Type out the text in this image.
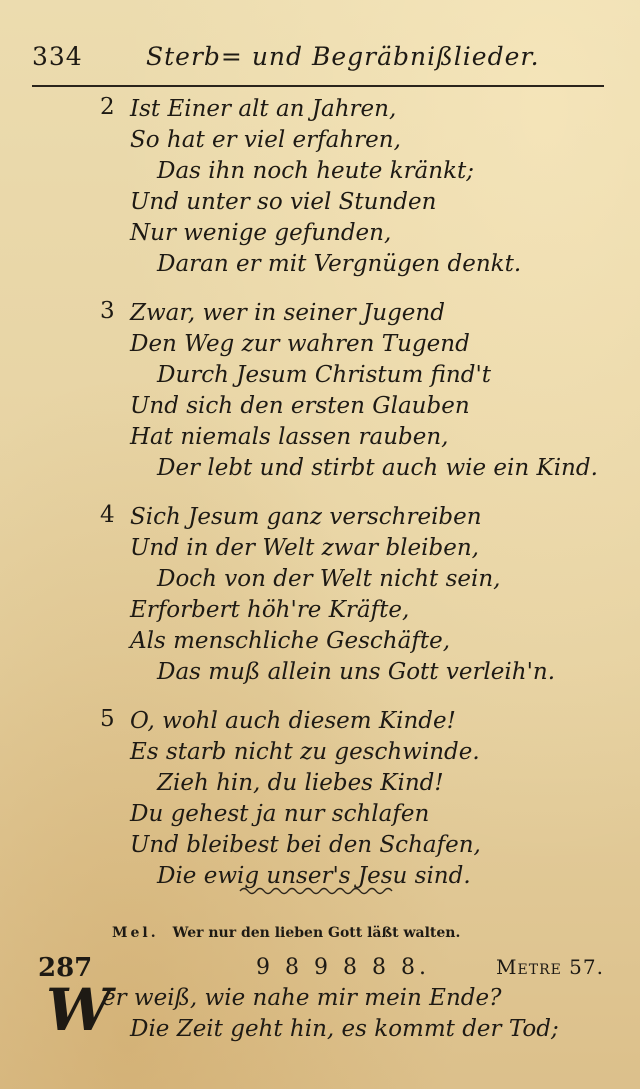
334	Sterb= und Begräbnißlieder.
2 Ist Einer alt an Jahren,
So hat er viel erfahren,
Das ihn noch heute kränkt;
Und unter so viel Stunden
Nur wenige gefunden,
Daran er mit Vergnügen denkt.
3 Zwar, wer in seiner Jugend
Den Weg zur wahren Tugend
Durch Jesum Christum find't
Und sich den ersten Glauben
Hat niemals lassen rauben,
Der lebt und stirbt auch wie ein Kind.
4 Sich Jesum ganz verschreiben
Und in der Welt zwar bleiben,
Doch von der Welt nicht sein,
Erforbert höh're Kräfte,
Als menschliche Geschäfte,
Das muß allein uns Gott verleih'n.
5 O, wohl auch diesem Kinde!
Es starb nicht zu geschwinde.
Zieh hin, du liebes Kind!
Du gehest ja nur schlafen
Und bleibest bei den Schafen,
Die ewig unser's Jesu sind.
Mel. Wer nur den lieben Gott läßt walten.
287	9 8 9 8 8 8.	Metre 57.
W
er weiß, wie nahe mir mein Ende?
Die Zeit geht hin, es kommt der Tod;
